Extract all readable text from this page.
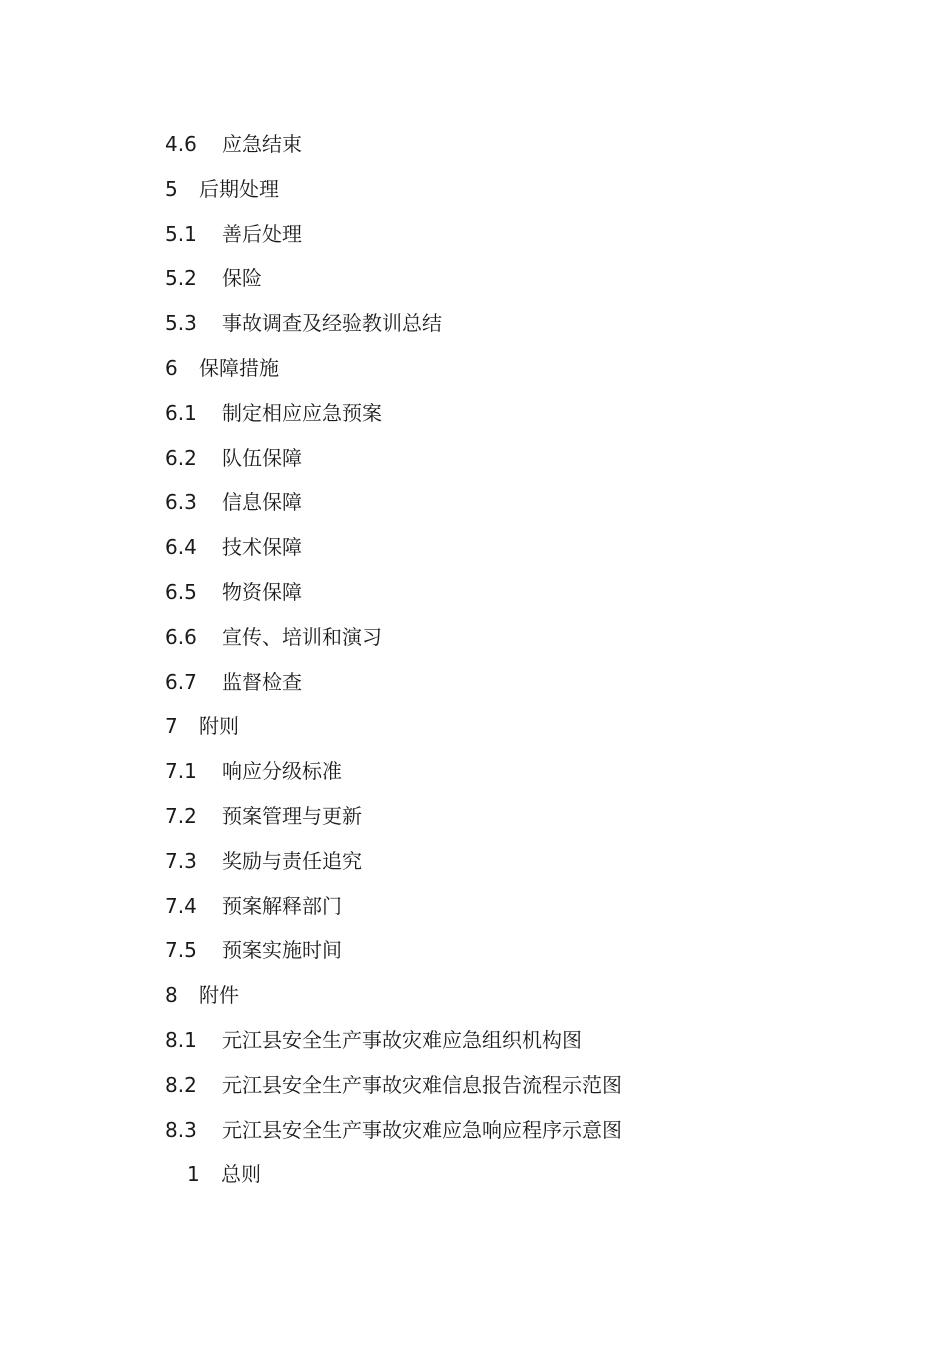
4.6 应急结束
5 后期处理
5.1 善后处理
5.2 保险
5.3 事故调查及经验教训总结
6 保障措施
6.1 制定相应应急预案
6.2 队伍保障
6.3 信息保障
6.4 技术保障
6.5 物资保障
6.6 宣传、培训和演习
6.7 监督检查
7 附则
7.1 响应分级标准
7.2 预案管理与更新
7.3 奖励与责任追究
7.4 预案解释部门
7.5 预案实施时间
8 附件
8.1 元江县安全生产事故灾难应急组织机构图
8.2 元江县安全生产事故灾难信息报告流程示范图
8.3 元江县安全生产事故灾难应急响应程序示意图
1 总则
